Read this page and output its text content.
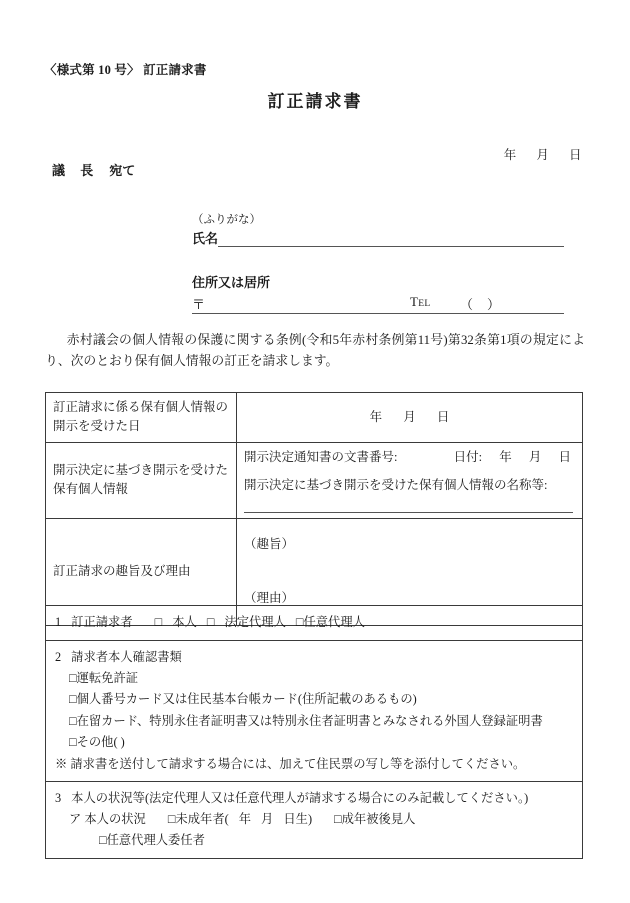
〈様式第 10 号〉 訂正請求書
訂正請求書
年 月 日
議 長 宛て
（ふりがな）
氏名
住所又は居所
〒	TEL （）
赤村議会の個人情報の保護に関する条例(令和5年赤村条例第11号)第32条第1項の規定により、次のとおり保有個人情報の訂正を請求します。
訂正請求に係る保有個人情報の開示を受けた日	年 月 日
開示決定に基づき開示を受けた保有個人情報	開示決定通知書の文書番号: 日付: 年 月 日
開示決定に基づき開示を受けた保有個人情報の名称等:

訂正請求の趣旨及び理由	（趣旨）
（理由）
1 訂正請求者 □ 本人 □ 法定代理人 □任意代理人

2 請求者本人確認書類
□運転免許証
□個人番号カード又は住民基本台帳カード(住所記載のあるもの)
□在留カード、特別永住者証明書又は特別永住者証明書とみなされる外国人登録証明書
□その他( )
※ 請求書を送付して請求する場合には、加えて住民票の写し等を添付してください。

3 本人の状況等(法定代理人又は任意代理人が請求する場合にのみ記載してください。)
ア 本人の状況 □未成年者( 年 月 日生) □成年被後見人
□任意代理人委任者
